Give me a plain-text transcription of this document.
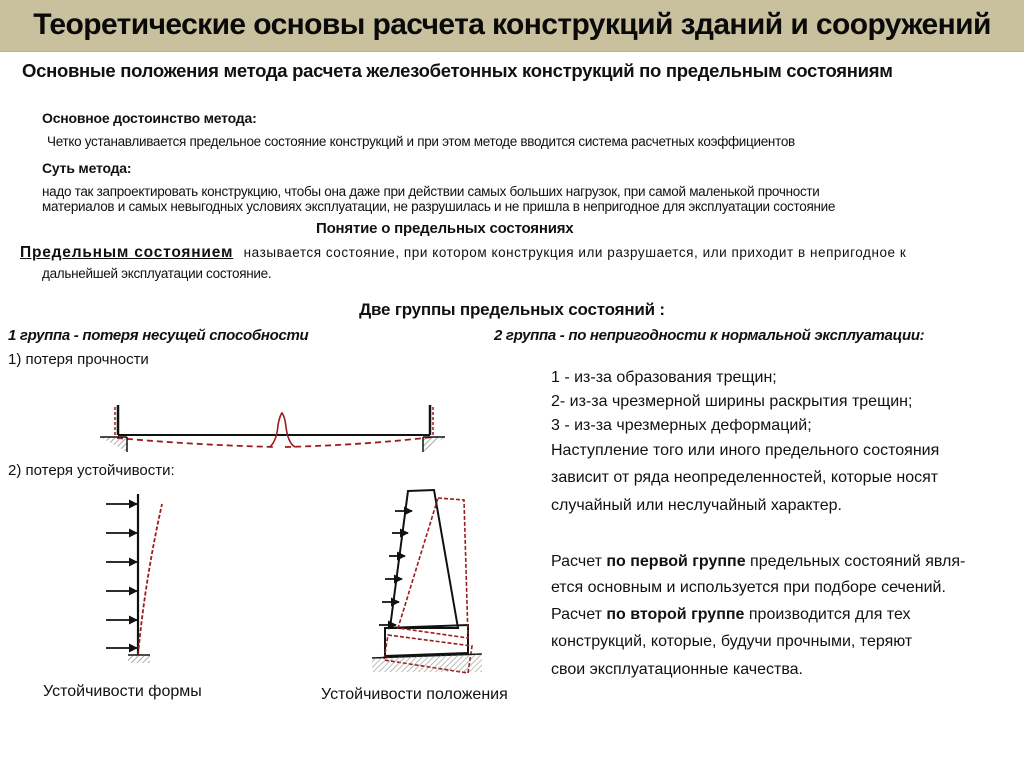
Теоретические основы расчета конструкций зданий и сооружений
Основные положения метода расчета железобетонных конструкций по предельным состояниям
Основное достоинство метода:
Четко устанавливается предельное состояние конструкций и при этом методе вводится система расчетных коэффициентов
Суть метода:
надо так запроектировать конструкцию, чтобы она даже при действии самых больших нагрузок, при самой маленькой прочности
материалов и самых невыгодных условиях эксплуатации, не разрушилась и не пришла в непригодное для эксплуатации состояние
Понятие о предельных состояниях
Предельным состоянием называется состояние, при котором конструкция или разрушается, или приходит в непригодное к
дальнейшей эксплуатации состояние.
Две группы предельных состояний :
1 группа - потеря несущей способности	2 группа - по непригодности к нормальной эксплуатации:
1) потеря прочности
2) потеря устойчивости:
Устойчивости формы	Устойчивости положения
1 - из-за образования трещин;
2- из-за чрезмерной ширины раскрытия трещин;
3 - из-за чрезмерных деформаций;
Наступление того или иного предельного состояния
зависит от ряда неопределенностей, которые носят
случайный или неслучайный характер.
Расчет по первой группе предельных состояний явля-
ется основным и используется при подборе сечений.
Расчет по второй группе производится для тех
конструкций, которые, будучи прочными, теряют
свои эксплуатационные качества.
